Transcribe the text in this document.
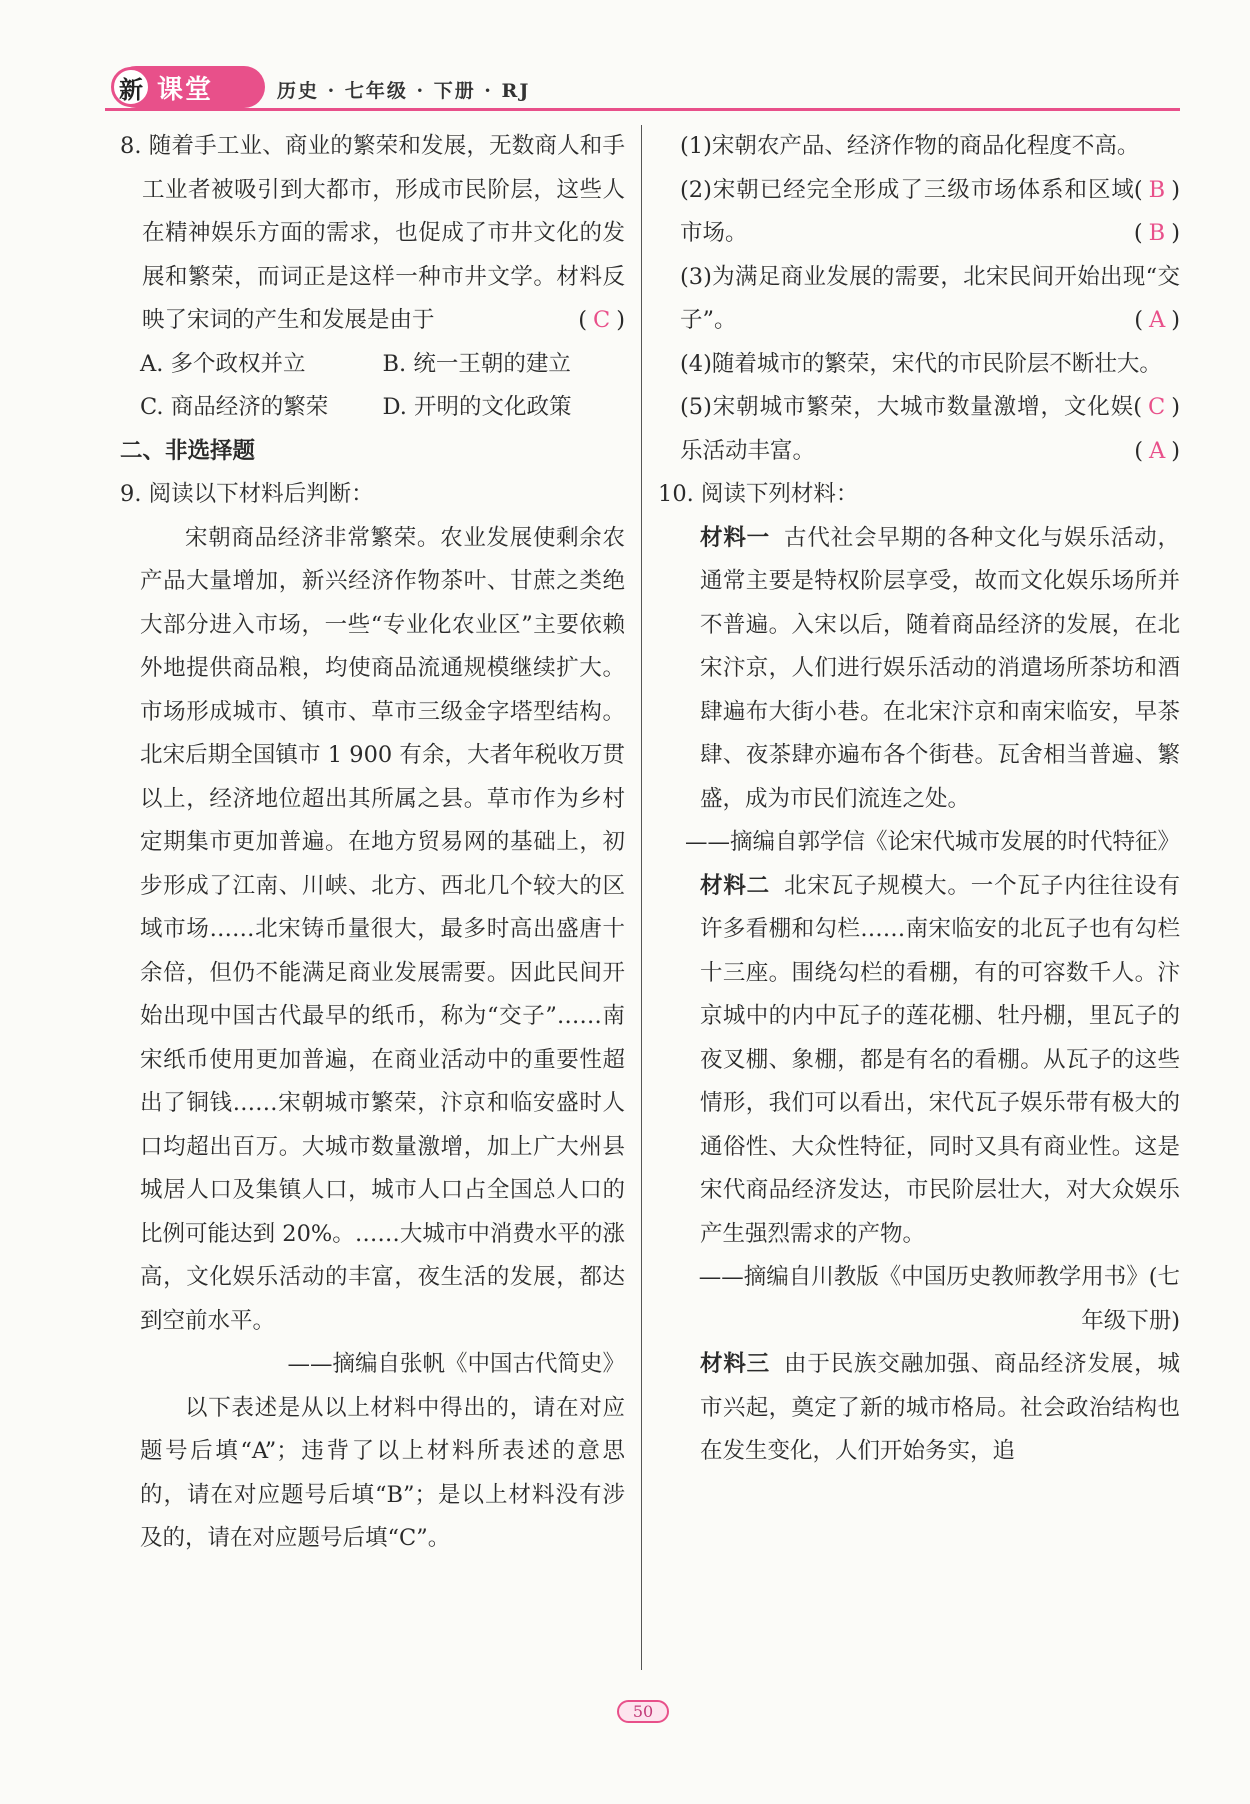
新 课堂	历史 · 七年级 · 下册 · RJ

8. 随着手工业、商业的繁荣和发展，无数商人和手工业者被吸引到大都市，形成市民阶层，这些人在精神娱乐方面的需求，也促成了市井文化的发展和繁荣，而词正是这样一种市井文学。材料反映了宋词的产生和发展是由于	( C )

A. 多个政权并立	B. 统一王朝的建立
C. 商品经济的繁荣	D. 开明的文化政策

二、非选择题

9. 阅读以下材料后判断：

宋朝商品经济非常繁荣。农业发展使剩余农产品大量增加，新兴经济作物茶叶、甘蔗之类绝大部分进入市场，一些“专业化农业区”主要依赖外地提供商品粮，均使商品流通规模继续扩大。市场形成城市、镇市、草市三级金字塔型结构。北宋后期全国镇市 1 900 有余，大者年税收万贯以上，经济地位超出其所属之县。草市作为乡村定期集市更加普遍。在地方贸易网的基础上，初步形成了江南、川峡、北方、西北几个较大的区域市场……北宋铸币量很大，最多时高出盛唐十余倍，但仍不能满足商业发展需要。因此民间开始出现中国古代最早的纸币，称为“交子”……南宋纸币使用更加普遍，在商业活动中的重要性超出了铜钱……宋朝城市繁荣，汴京和临安盛时人口均超出百万。大城市数量激增，加上广大州县城居人口及集镇人口，城市人口占全国总人口的比例可能达到 20%。……大城市中消费水平的涨高，文化娱乐活动的丰富，夜生活的发展，都达到空前水平。

——摘编自张帆《中国古代简史》

以下表述是从以上材料中得出的，请在对应题号后填“A”；违背了以上材料所表述的意思的，请在对应题号后填“B”；是以上材料没有涉及的，请在对应题号后填“C”。

(1)宋朝农产品、经济作物的商品化程度不高。
( B )

(2)宋朝已经完全形成了三级市场体系和区域市场。	( B )

(3)为满足商业发展的需要，北宋民间开始出现“交子”。	( A )

(4)随着城市的繁荣，宋代的市民阶层不断壮大。
( C )

(5)宋朝城市繁荣，大城市数量激增，文化娱乐活动丰富。	( A )

10. 阅读下列材料：

材料一 古代社会早期的各种文化与娱乐活动，通常主要是特权阶层享受，故而文化娱乐场所并不普遍。入宋以后，随着商品经济的发展，在北宋汴京，人们进行娱乐活动的消遣场所茶坊和酒肆遍布大街小巷。在北宋汴京和南宋临安，早茶肆、夜茶肆亦遍布各个街巷。瓦舍相当普遍、繁盛，成为市民们流连之处。

——摘编自郭学信《论宋代城市发展的时代特征》

材料二 北宋瓦子规模大。一个瓦子内往往设有许多看棚和勾栏……南宋临安的北瓦子也有勾栏十三座。围绕勾栏的看棚，有的可容数千人。汴京城中的内中瓦子的莲花棚、牡丹棚，里瓦子的夜叉棚、象棚，都是有名的看棚。从瓦子的这些情形，我们可以看出，宋代瓦子娱乐带有极大的通俗性、大众性特征，同时又具有商业性。这是宋代商品经济发达，市民阶层壮大，对大众娱乐产生强烈需求的产物。

——摘编自川教版《中国历史教师教学用书》(七年级下册)

材料三 由于民族交融加强、商品经济发展，城市兴起，奠定了新的城市格局。社会政治结构也在发生变化，人们开始务实，追

50
